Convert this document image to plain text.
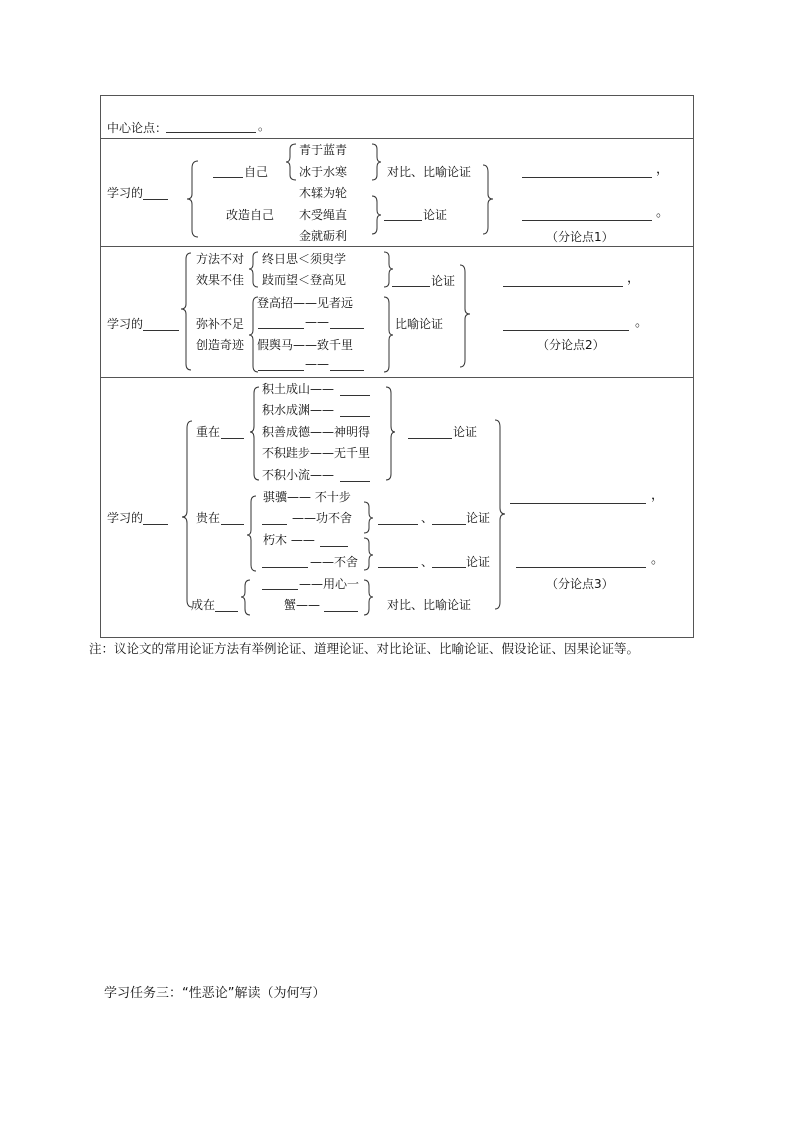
中心论点：	。
学习的
自己
青于蓝青
冰于水寒	对比、比喻论证
改造自己
木𫐓为轮
木受绳直
金就砺利
论证
，
。
（分论点1）
学习的
方法不对
效果不佳
终日思＜须臾学
跂而望＜登高见	论证
弥补不足
创造奇迹
登高招——见者远
——
假舆马——致千里
——
比喻论证
，
。
（分论点2）
学习的
重在
积土成山——
积水成渊——
积善成德——神明得
不积跬步——无千里
不积小流——
论证
贵在
骐骥—— 不十步
——功不舍
朽木 ——
——不舍
、	论证
、	论证
成在
——用心一
蟹——	对比、比喻论证
，
。
（分论点3）
注：议论文的常用论证方法有举例论证、道理论证、对比论证、比喻论证、假设论证、因果论证等。
学习任务三：“性恶论”解读（为何写）
